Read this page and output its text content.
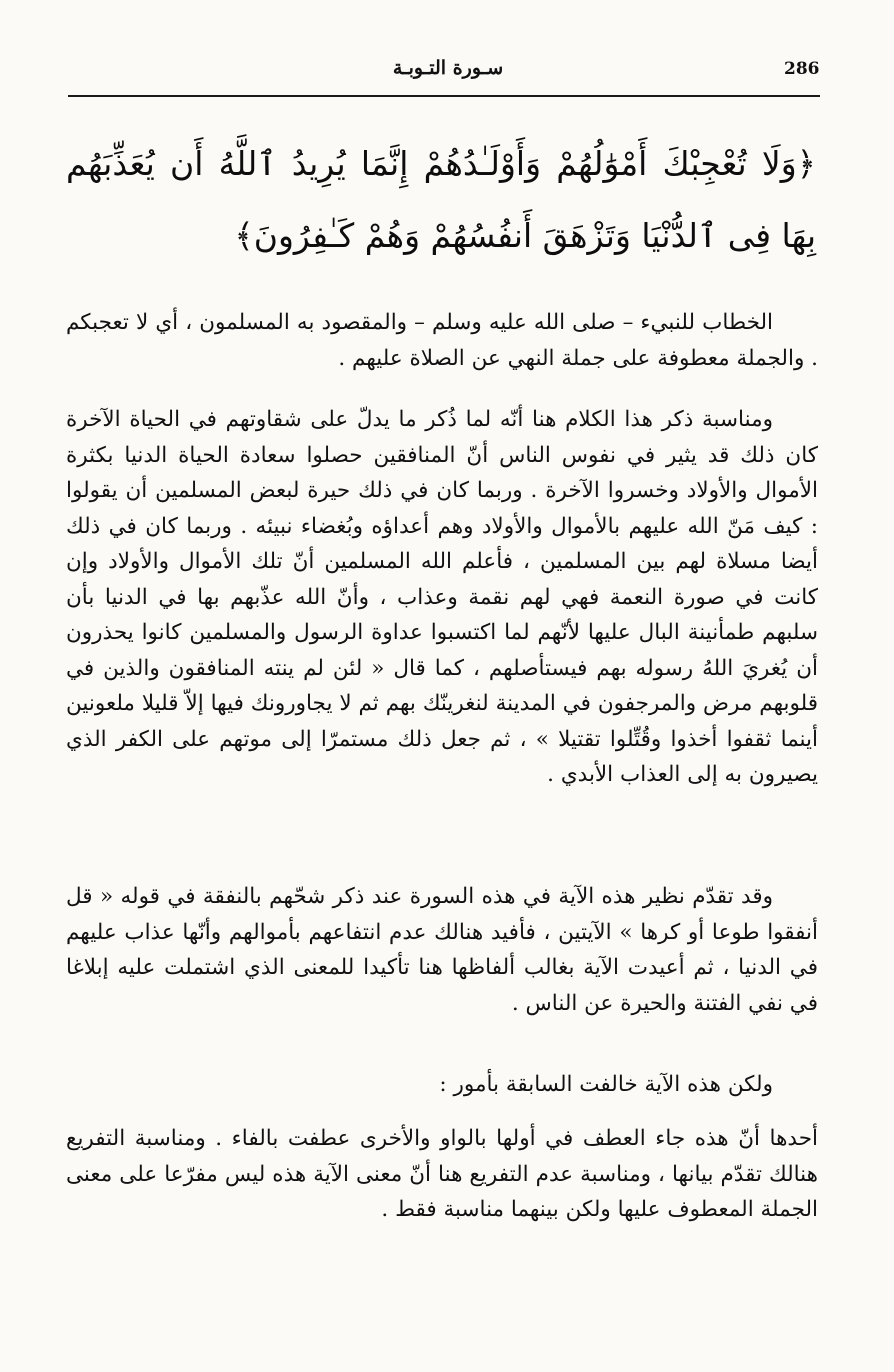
286
سـورة التـوبـة
﴿وَلَا تُعْجِبْكَ أَمْوَٰلُهُمْ وَأَوْلَـٰدُهُمْ إِنَّمَا يُرِيدُ ٱللَّهُ أَن يُعَذِّبَهُم بِهَا فِى ٱلدُّنْيَا وَتَزْهَقَ أَنفُسُهُمْ وَهُمْ كَـٰفِرُونَ﴾

الخطاب للنبيء – صلى الله عليه وسلم – والمقصود به المسلمون ، أي لا تعجبكم . والجملة معطوفة على جملة النهي عن الصلاة عليهم .

ومناسبة ذكر هذا الكلام هنا أنّه لما ذُكر ما يدلّ على شقاوتهم في الحياة الآخرة كان ذلك قد يثير في نفوس الناس أنّ المنافقين حصلوا سعادة الحياة الدنيا بكثرة الأموال والأولاد وخسروا الآخرة . وربما كان في ذلك حيرة لبعض المسلمين أن يقولوا : كيف مَنّ الله عليهم بالأموال والأولاد وهم أعداؤه وبُغضاء نبيئه . وربما كان في ذلك أيضا مسلاة لهم بين المسلمين ، فأعلم الله المسلمين أنّ تلك الأموال والأولاد وإن كانت في صورة النعمة فهي لهم نقمة وعذاب ، وأنّ الله عذّبهم بها في الدنيا بأن سلبهم طمأنينة البال عليها لأنّهم لما اكتسبوا عداوة الرسول والمسلمين كانوا يحذرون أن يُغريَ اللهُ رسوله بهم فيستأصلهم ، كما قال « لئن لم ينته المنافقون والذين في قلوبهم مرض والمرجفون في المدينة لنغرينّك بهم ثم لا يجاورونك فيها إلاّ قليلا ملعونين أينما ثقفوا أخذوا وقُتِّلوا تقتيلا » ، ثم جعل ذلك مستمرّا إلى موتهم على الكفر الذي يصيرون به إلى العذاب الأبدي .

وقد تقدّم نظير هذه الآية في هذه السورة عند ذكر شحّهم بالنفقة في قوله « قل أنفقوا طوعا أو كرها » الآيتين ، فأفيد هنالك عدم انتفاعهم بأموالهم وأنّها عذاب عليهم في الدنيا ، ثم أعيدت الآية بغالب ألفاظها هنا تأكيدا للمعنى الذي اشتملت عليه إبلاغا في نفي الفتنة والحيرة عن الناس .

ولكن هذه الآية خالفت السابقة بأمور :

أحدها أنّ هذه جاء العطف في أولها بالواو والأخرى عطفت بالفاء . ومناسبة التفريع هنالك تقدّم بيانها ، ومناسبة عدم التفريع هنا أنّ معنى الآية هذه ليس مفرّعا على معنى الجملة المعطوف عليها ولكن بينهما مناسبة فقط .
